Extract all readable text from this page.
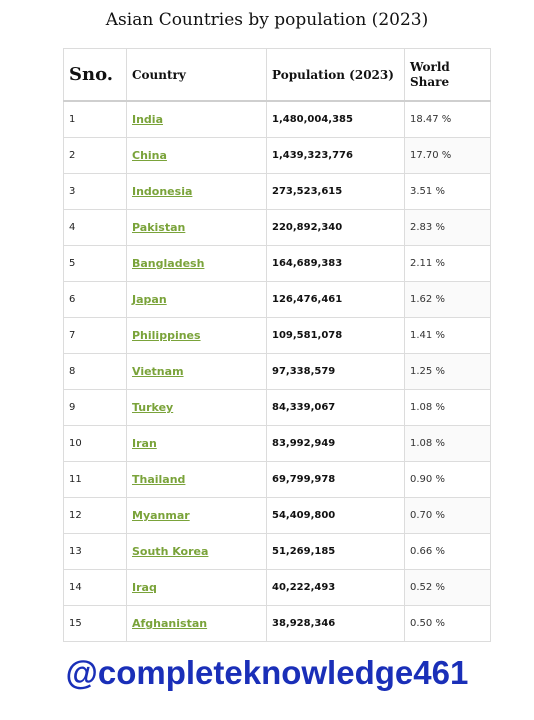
Asian Countries by population (2023)
Sno.	Country	Population (2023)	World Share
1	India	1,480,004,385	18.47 %
2	China	1,439,323,776	17.70 %
3	Indonesia	273,523,615	3.51 %
4	Pakistan	220,892,340	2.83 %
5	Bangladesh	164,689,383	2.11 %
6	Japan	126,476,461	1.62 %
7	Philippines	109,581,078	1.41 %
8	Vietnam	97,338,579	1.25 %
9	Turkey	84,339,067	1.08 %
10	Iran	83,992,949	1.08 %
11	Thailand	69,799,978	0.90 %
12	Myanmar	54,409,800	0.70 %
13	South Korea	51,269,185	0.66 %
14	Iraq	40,222,493	0.52 %
15	Afghanistan	38,928,346	0.50 %
@completeknowledge461
